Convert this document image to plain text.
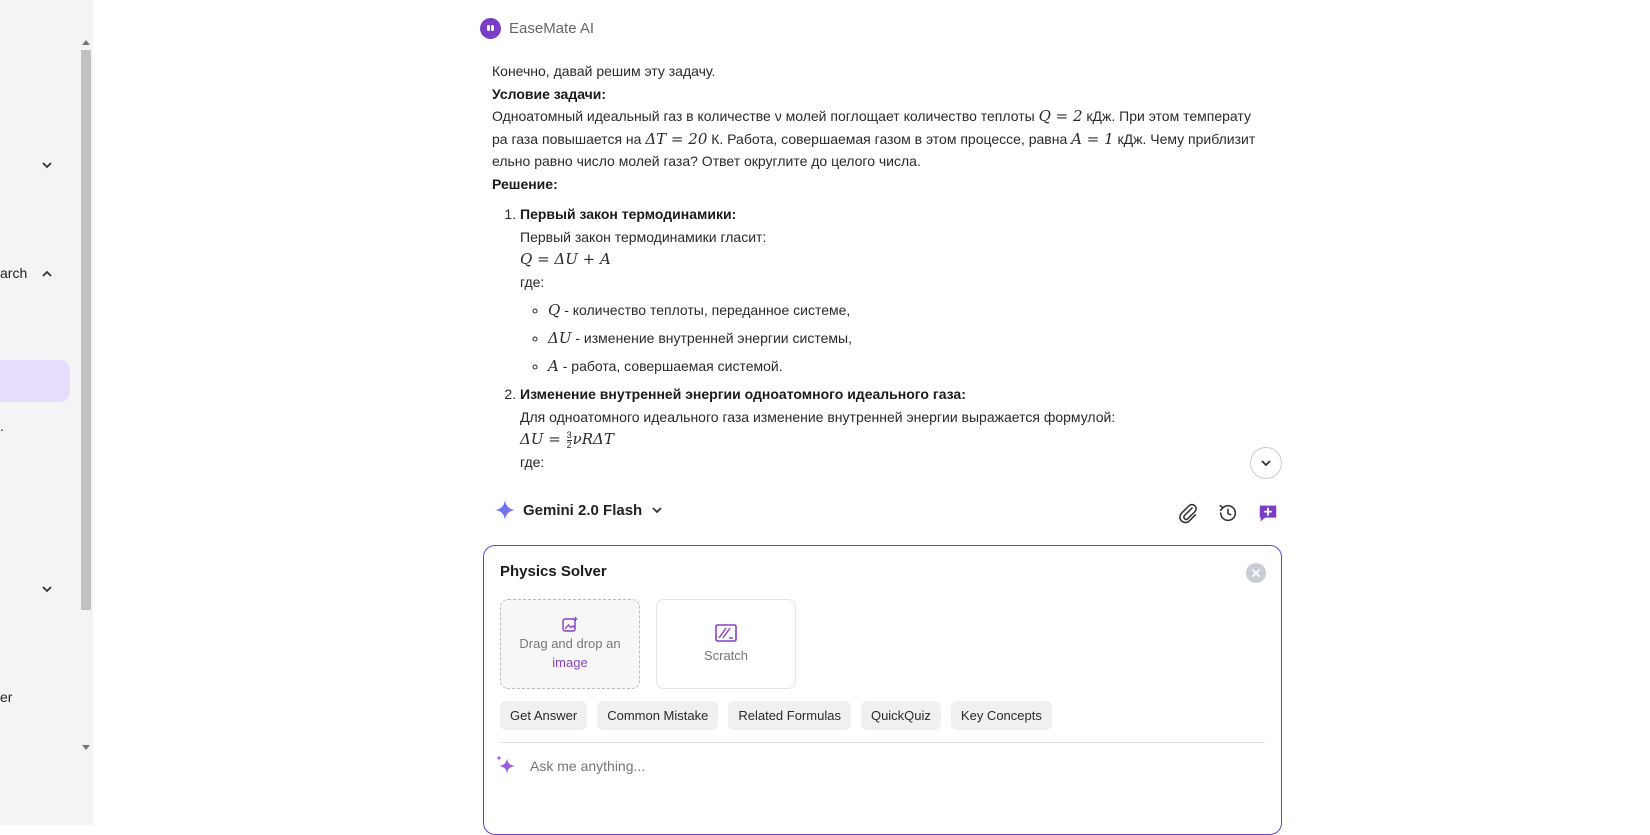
arch
.
er
EaseMate AI

Конечно, давай решим эту задачу.

Условие задачи:

Одноатомный идеальный газ в количестве ν молей поглощает количество теплоты Q = 2 кДж. При этом температу
ра газа повышается на ΔT = 20 К. Работа, совершаемая газом в этом процессе, равна A = 1 кДж. Чему приблизит
ельно равно число молей газа? Ответ округлите до целого числа.

Решение:

1. Первый закон термодинамики:
Первый закон термодинамики гласит:
Q = ΔU + A
где:
◦ Q - количество теплоты, переданное системе,
◦ ΔU - изменение внутренней энергии системы,
◦ A - работа, совершаемая системой.
2. Изменение внутренней энергии одноатомного идеального газа:
Для одноатомного идеального газа изменение внутренней энергии выражается формулой:
$\Delta U = \frac{3}{2}$ νRΔT
где:
Gemini 2.0 Flash
Physics Solver
Drag and drop an
image	Scratch
Get Answer	Common Mistake	Related Formulas	QuickQuiz	Key Concepts
Ask me anything...
